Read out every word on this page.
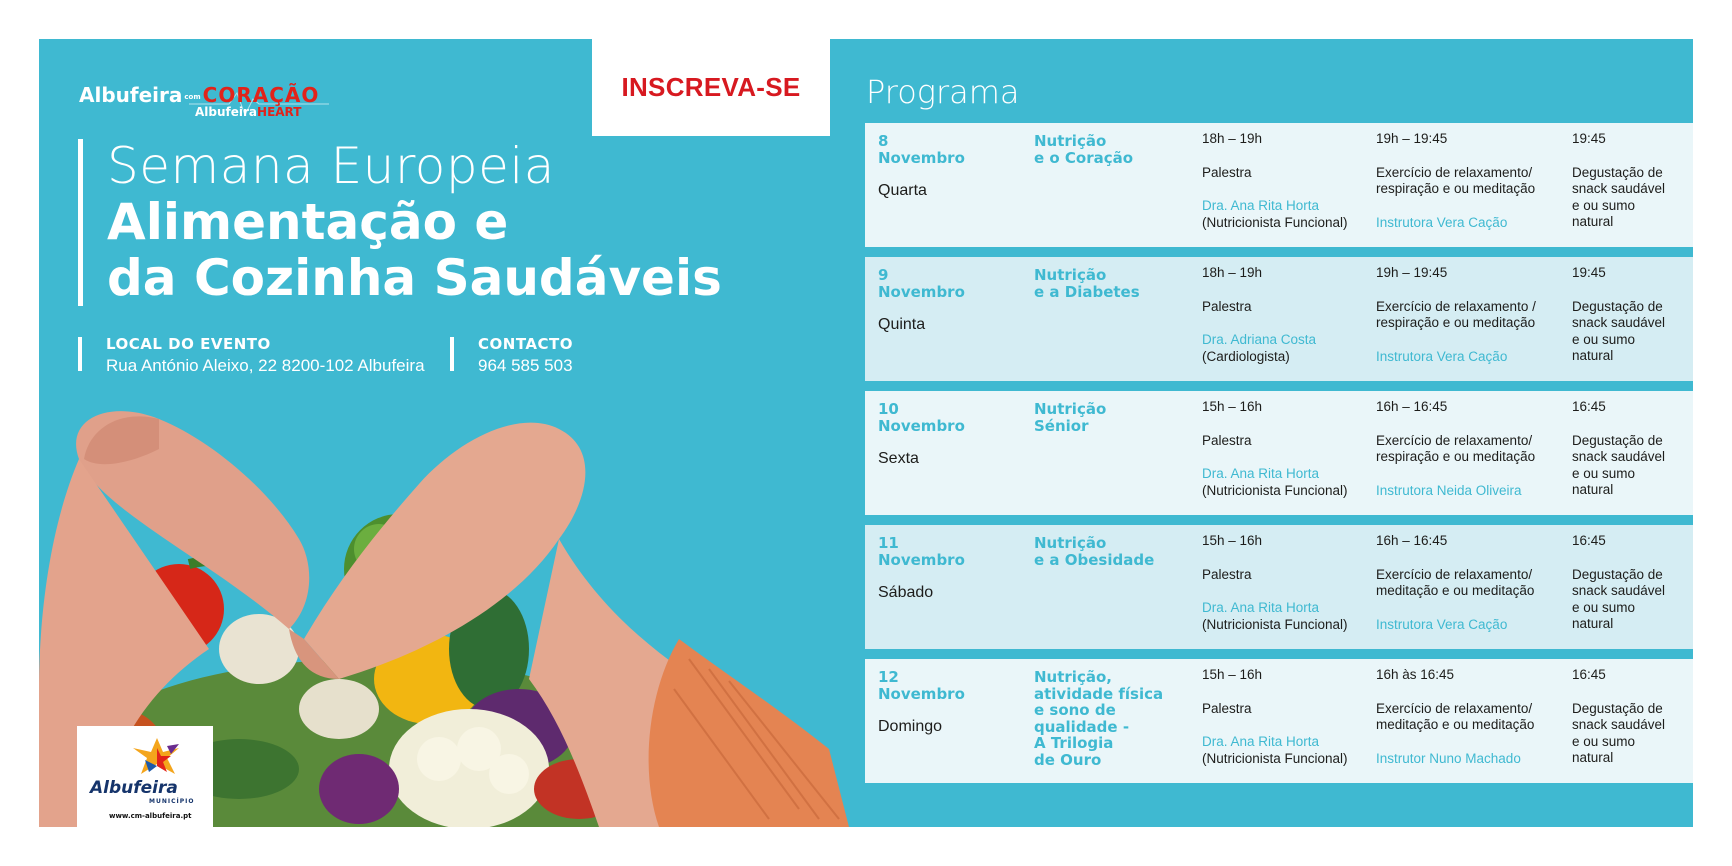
Albufeira com CORAÇÃO
AlbufeiraHEART
INSCREVA-SE
Semana Europeia
Alimentação e
da Cozinha Saudáveis
LOCAL DO EVENTO
Rua António Aleixo, 22 8200-102 Albufeira
CONTACTO
964 585 503
Albufeira
MUNICÍPIO
www.cm-albufeira.pt
Programa
8
Novembro
Quarta
Nutrição
e o Coração
18h – 19h
Palestra
Dra. Ana Rita Horta
(Nutricionista Funcional)
19h – 19:45
Exercício de relaxamento/
respiração e ou meditação
Instrutora Vera Cação
19:45
Degustação de
snack saudável
e ou sumo
natural
9
Novembro
Quinta
Nutrição
e a Diabetes
18h – 19h
Palestra
Dra. Adriana Costa
(Cardiologista)
19h – 19:45
Exercício de relaxamento /
respiração e ou meditação
Instrutora Vera Cação
19:45
Degustação de
snack saudável
e ou sumo
natural
10
Novembro
Sexta
Nutrição
Sénior
15h – 16h
Palestra
Dra. Ana Rita Horta
(Nutricionista Funcional)
16h – 16:45
Exercício de relaxamento/
respiração e ou meditação
Instrutora Neida Oliveira
16:45
Degustação de
snack saudável
e ou sumo
natural
11
Novembro
Sábado
Nutrição
e a Obesidade
15h – 16h
Palestra
Dra. Ana Rita Horta
(Nutricionista Funcional)
16h – 16:45
Exercício de relaxamento/
meditação e ou meditação
Instrutora Vera Cação
16:45
Degustação de
snack saudável
e ou sumo
natural
12
Novembro
Domingo
Nutrição,
atividade física
e sono de
qualidade -
A Trilogia
de Ouro
15h – 16h
Palestra
Dra. Ana Rita Horta
(Nutricionista Funcional)
16h às 16:45
Exercício de relaxamento/
meditação e ou meditação
Instrutor Nuno Machado
16:45
Degustação de
snack saudável
e ou sumo
natural
